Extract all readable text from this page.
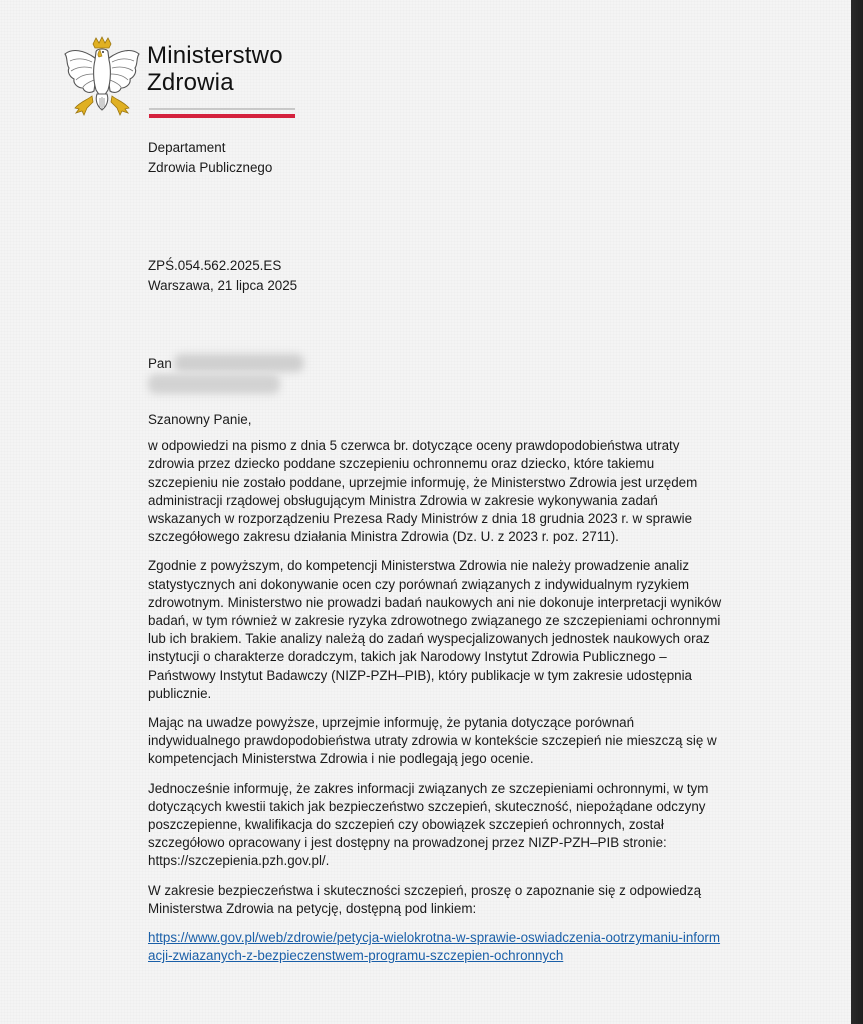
Ministerstwo
Zdrowia
Departament
Zdrowia Publicznego
ZPŚ.054.562.2025.ES
Warszawa, 21 lipca 2025
Pan

Szanowny Panie,

w odpowiedzi na pismo z dnia 5 czerwca br. dotyczące oceny prawdopodobieństwa utraty zdrowia przez dziecko poddane szczepieniu ochronnemu oraz dziecko, które takiemu szczepieniu nie zostało poddane, uprzejmie informuję, że Ministerstwo Zdrowia jest urzędem administracji rządowej obsługującym Ministra Zdrowia w zakresie wykonywania zadań wskazanych w rozporządzeniu Prezesa Rady Ministrów z dnia 18 grudnia 2023 r. w sprawie szczegółowego zakresu działania Ministra Zdrowia (Dz. U. z 2023 r. poz. 2711).

Zgodnie z powyższym, do kompetencji Ministerstwa Zdrowia nie należy prowadzenie analiz statystycznych ani dokonywanie ocen czy porównań związanych z indywidualnym ryzykiem zdrowotnym. Ministerstwo nie prowadzi badań naukowych ani nie dokonuje interpretacji wyników badań, w tym również w zakresie ryzyka zdrowotnego związanego ze szczepieniami ochronnymi lub ich brakiem. Takie analizy należą do zadań wyspecjalizowanych jednostek naukowych oraz instytucji o charakterze doradczym, takich jak Narodowy Instytut Zdrowia Publicznego – Państwowy Instytut Badawczy (NIZP-PZH–PIB), który publikacje w tym zakresie udostępnia publicznie.

Mając na uwadze powyższe, uprzejmie informuję, że pytania dotyczące porównań indywidualnego prawdopodobieństwa utraty zdrowia w kontekście szczepień nie mieszczą się w kompetencjach Ministerstwa Zdrowia i nie podlegają jego ocenie.

Jednocześnie informuję, że zakres informacji związanych ze szczepieniami ochronnymi, w tym dotyczących kwestii takich jak bezpieczeństwo szczepień, skuteczność, niepożądane odczyny poszczepienne, kwalifikacja do szczepień czy obowiązek szczepień ochronnych, został szczegółowo opracowany i jest dostępny na prowadzonej przez NIZP-PZH–PIB stronie: https://szczepienia.pzh.gov.pl/.

W zakresie bezpieczeństwa i skuteczności szczepień, proszę o zapoznanie się z odpowiedzą Ministerstwa Zdrowia na petycję, dostępną pod linkiem:

https://www.gov.pl/web/zdrowie/petycja-wielokrotna-w-sprawie-oswiadczenia-ootrzymaniu-informacji-zwiazanych-z-bezpieczenstwem-programu-szczepien-ochronnych
